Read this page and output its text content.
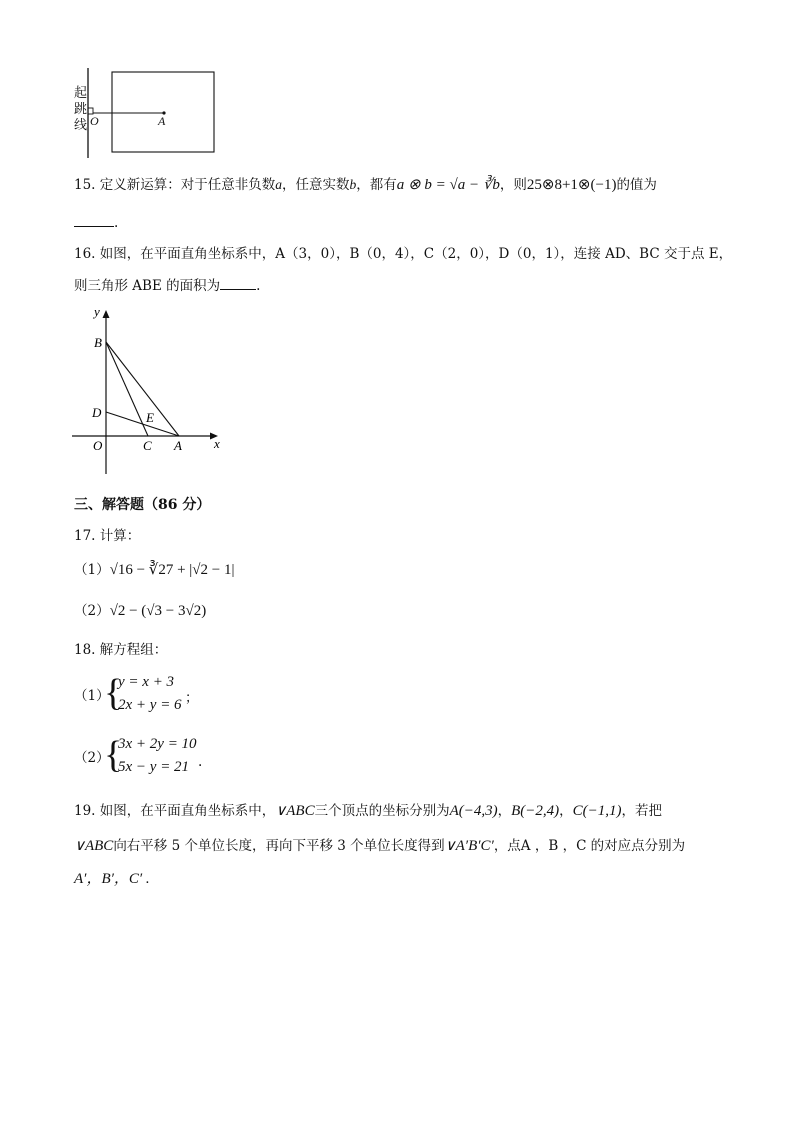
起
跳
线 O	A
15. 定义新运算：对于任意非负数a，任意实数b，都有a ⊗ b = √a − ∛b，则25⊗8+1⊗(−1)的值为
.
16. 如图，在平面直角坐标系中，A（3，0），B（0，4），C（2，0），D（0，1），连接 AD、BC 交于点 E，
则三角形 ABE 的面积为	.
y
x
B
D	E
O	C A
三、解答题（86 分）
17. 计算：
（1）√16 − ∛27 + |√2 − 1|
（2）√2 − (√3 − 3√2)
18. 解方程组：
（1）
{
y = x + 3
2x + y = 6 ；
（2）
{
3x + 2y = 10
5x − y = 21 .
19. 如图，在平面直角坐标系中，∨ABC三个顶点的坐标分别为A(−4,3)，B(−2,4)，C(−1,1)，若把
∨ABC向右平移 5 个单位长度，再向下平移 3 个单位长度得到∨A′B′C′，点A ，B ，C 的对应点分别为
A′，B′，C′ .
